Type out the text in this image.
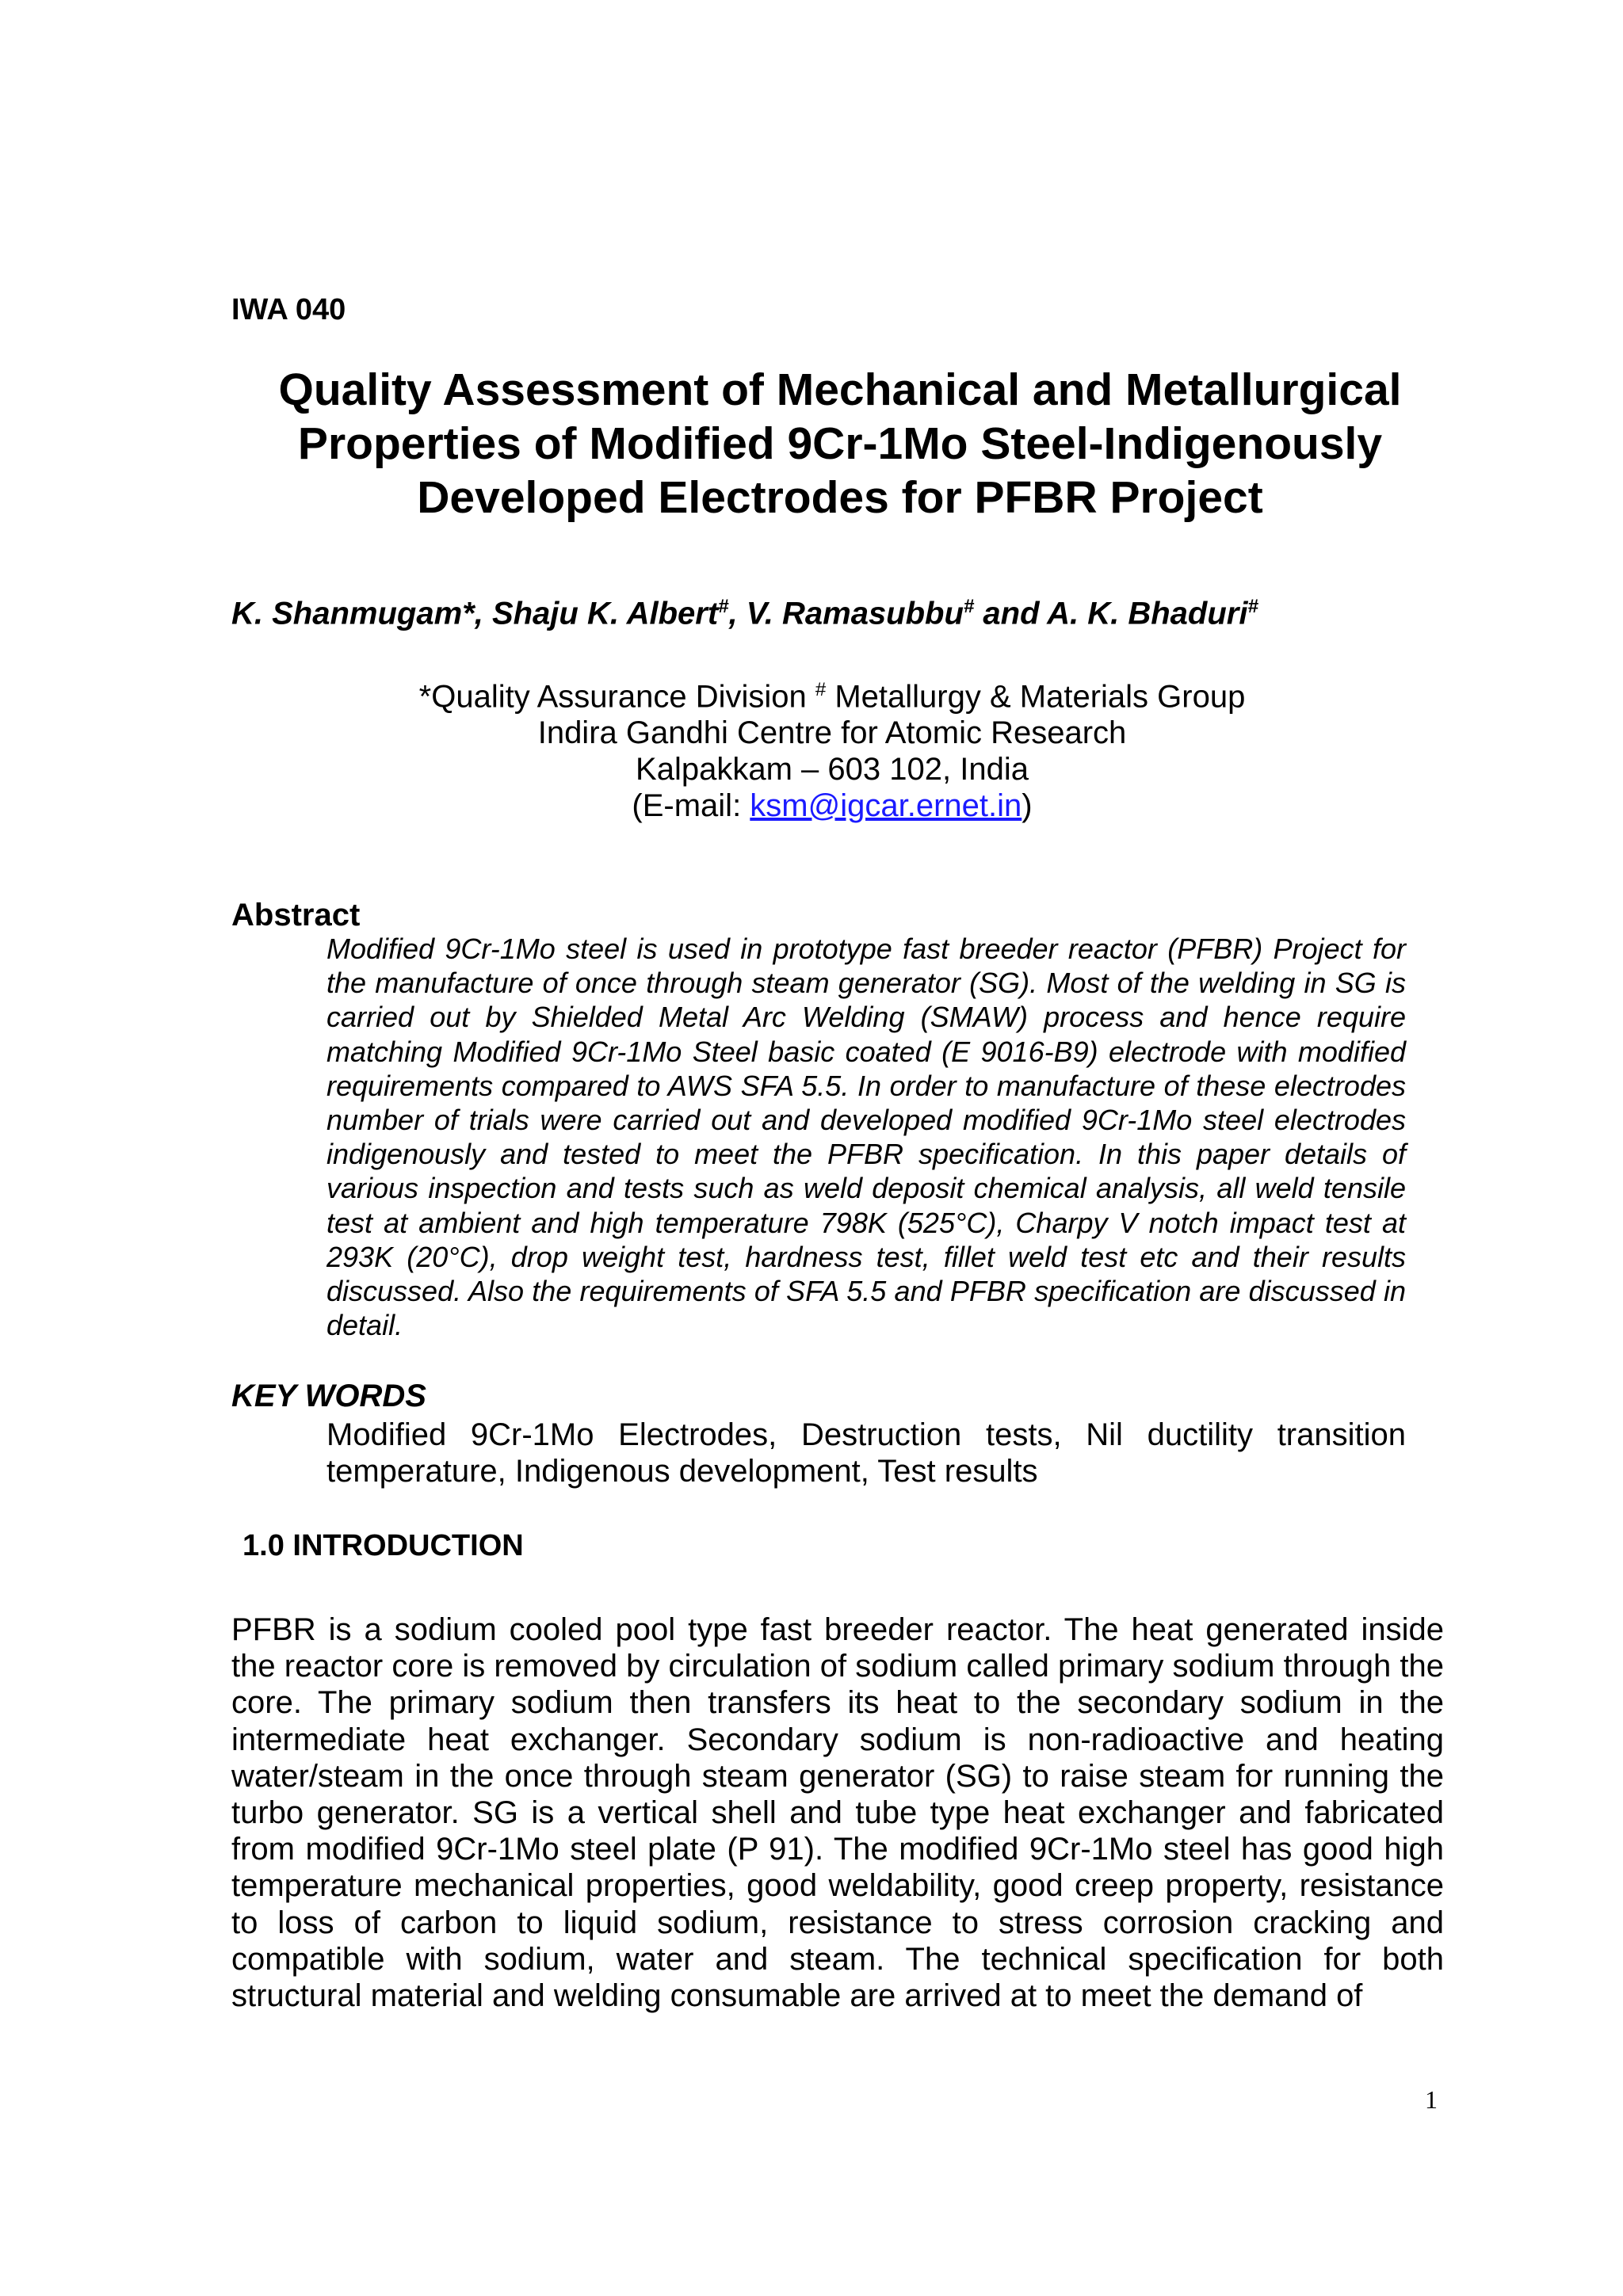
IWA 040
Quality Assessment of Mechanical and Metallurgical
Properties of Modified 9Cr-1Mo Steel-Indigenously
Developed Electrodes for PFBR Project
K. Shanmugam*, Shaju K. Albert#, V. Ramasubbu# and A. K. Bhaduri#
*Quality Assurance Division # Metallurgy & Materials Group
Indira Gandhi Centre for Atomic Research
Kalpakkam – 603 102, India
(E-mail: ksm@igcar.ernet.in)
Abstract
Modified 9Cr-1Mo steel is used in prototype fast breeder reactor (PFBR) Project for the manufacture of once through steam generator (SG). Most of the welding in SG is carried out by Shielded Metal Arc Welding (SMAW) process and hence require matching Modified 9Cr-1Mo Steel basic coated (E 9016-B9) electrode with modified requirements compared to AWS SFA 5.5. In order to manufacture of these electrodes number of trials were carried out and developed modified 9Cr-1Mo steel electrodes indigenously and tested to meet the PFBR specification. In this paper details of various inspection and tests such as weld deposit chemical analysis, all weld tensile test at ambient and high temperature 798K (525°C), Charpy V notch impact test at 293K (20°C), drop weight test, hardness test, fillet weld test etc and their results discussed. Also the requirements of SFA 5.5 and PFBR specification are discussed in detail.
KEY WORDS
Modified 9Cr-1Mo Electrodes, Destruction tests, Nil ductility transition temperature, Indigenous development, Test results
1.0 INTRODUCTION
PFBR is a sodium cooled pool type fast breeder reactor. The heat generated inside the reactor core is removed by circulation of sodium called primary sodium through the core. The primary sodium then transfers its heat to the secondary sodium in the intermediate heat exchanger. Secondary sodium is non-radioactive and heating water/steam in the once through steam generator (SG) to raise steam for running the turbo generator. SG is a vertical shell and tube type heat exchanger and fabricated from modified 9Cr-1Mo steel plate (P 91). The modified 9Cr-1Mo steel has good high temperature mechanical properties, good weldability, good creep property, resistance to loss of carbon to liquid sodium, resistance to stress corrosion cracking and compatible with sodium, water and steam. The technical specification for both structural material and welding consumable are arrived at to meet the demand of
1
